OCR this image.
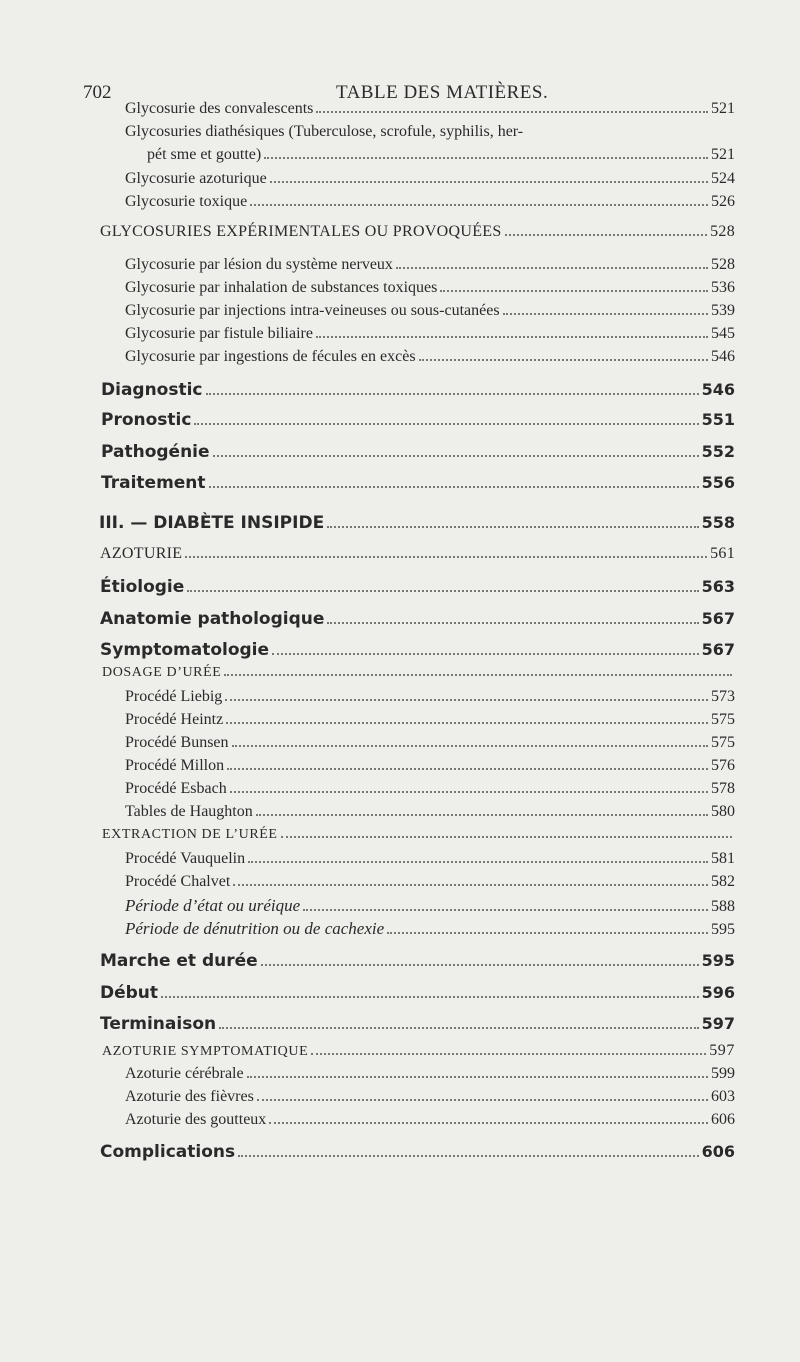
702	TABLE DES MATIÈRES.
Glycosurie des convalescents	521
Glycosuries diathésiques (Tuberculose, scrofule, syphilis, her-
pét sme et goutte)	521
Glycosurie azoturique	524
Glycosurie toxique	526
GLYCOSURIES EXPÉRIMENTALES OU PROVOQUÉES	528
Glycosurie par lésion du système nerveux	528
Glycosurie par inhalation de substances toxiques	536
Glycosurie par injections intra-veineuses ou sous-cutanées	539
Glycosurie par fistule biliaire	545
Glycosurie par ingestions de fécules en excès	546
Diagnostic	546
Pronostic	551
Pathogénie	552
Traitement	556
III. — DIABÈTE INSIPIDE	558
AZOTURIE	561
Étiologie	563
Anatomie pathologique	567
Symptomatologie	567
DOSAGE D’URÉE
Procédé Liebig	573
Procédé Heintz	575
Procédé Bunsen	575
Procédé Millon	576
Procédé Esbach	578
Tables de Haughton	580
EXTRACTION DE L’URÉE
Procédé Vauquelin	581
Procédé Chalvet	582
Période d’état ou uréique	588
Période de dénutrition ou de cachexie	595
Marche et durée	595
Début	596
Terminaison	597
AZOTURIE SYMPTOMATIQUE	597
Azoturie cérébrale	599
Azoturie des fièvres	603
Azoturie des goutteux	606
Complications	606
